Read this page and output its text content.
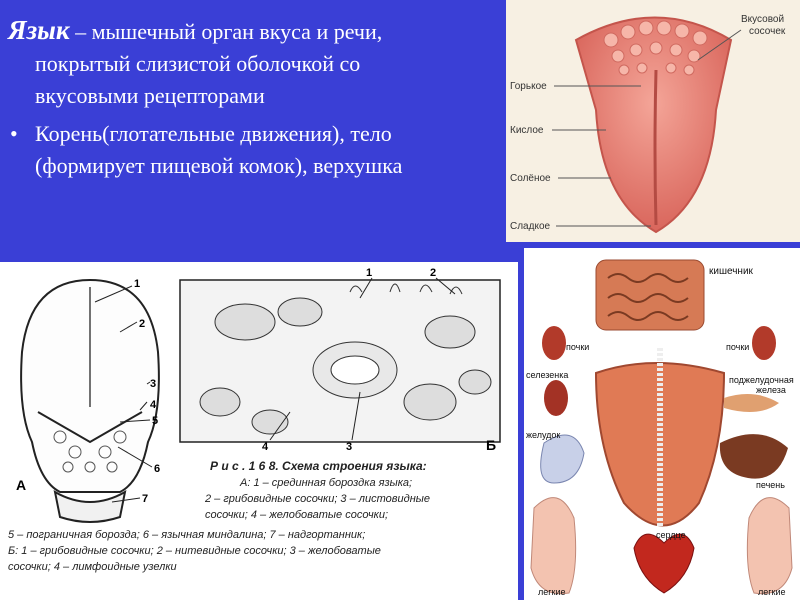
Язык – мышечный орган вкуса и речи,
покрытый слизистой оболочкой со
вкусовыми рецепторами

• Корень(глотательные движения), тело
(формирует пищевой комок), верхушка
Вкусовой
сосочек
Горькое
Кислое
Солёное
Сладкое
1
2
3
4
5
6
7
А
1	2
4	3	Б
Р и с . 1 6 8. Схема строения языка:
А: 1 – срединная бороздка языка;
2 – грибовидные сосочки; 3 – листовидные
сосочки; 4 – желобоватые сосочки;
5 – пограничная борозда; 6 – язычная миндалина; 7 – надгортанник;
Б: 1 – грибовидные сосочки; 2 – нитевидные сосочки; 3 – желобоватые
сосочки; 4 – лимфоидные узелки
кишечник
почки	почки
селезенка	поджелудочная
железа
желудок
печень
сердце
легкие	легкие
